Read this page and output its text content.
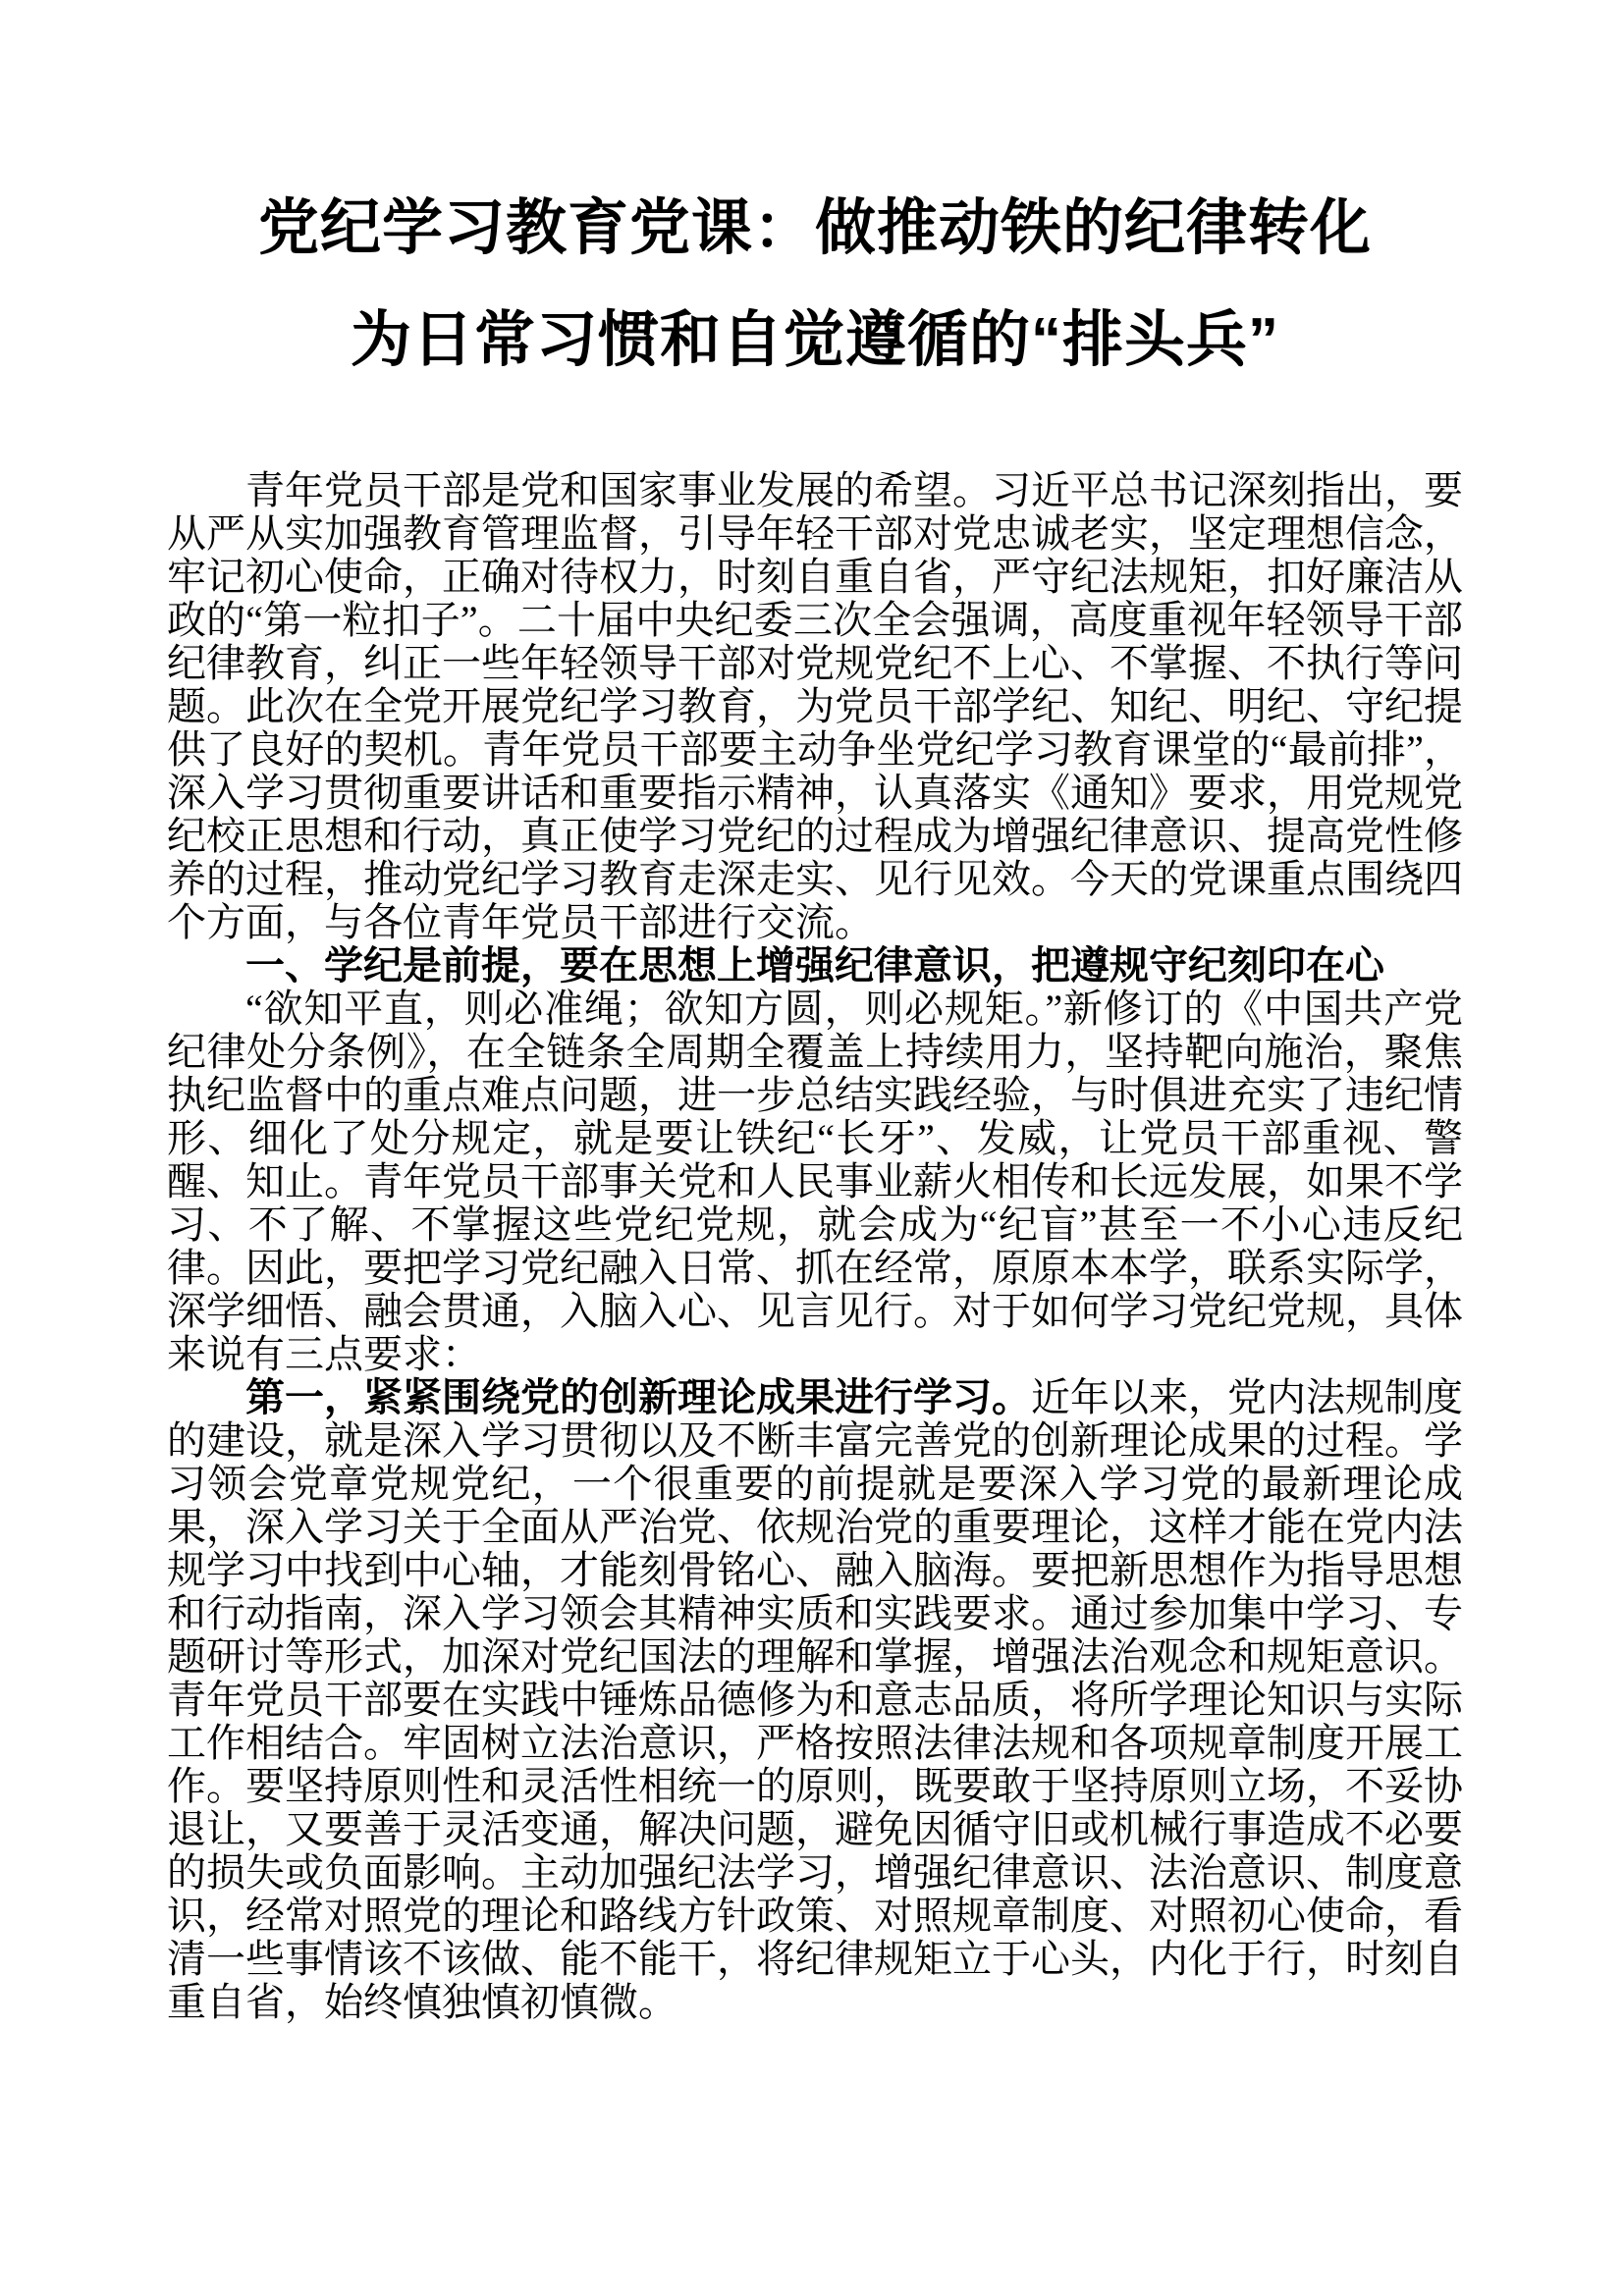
党纪学习教育党课：做推动铁的纪律转化
为日常习惯和自觉遵循的“排头兵”

青年党员干部是党和国家事业发展的希望。习近平总书记深刻指出，要从严从实加强教育管理监督，引导年轻干部对党忠诚老实，坚定理想信念，牢记初心使命，正确对待权力，时刻自重自省，严守纪法规矩，扣好廉洁从政的“第一粒扣子”。二十届中央纪委三次全会强调，高度重视年轻领导干部纪律教育，纠正一些年轻领导干部对党规党纪不上心、不掌握、不执行等问题。此次在全党开展党纪学习教育，为党员干部学纪、知纪、明纪、守纪提供了良好的契机。青年党员干部要主动争坐党纪学习教育课堂的“最前排”，深入学习贯彻重要讲话和重要指示精神，认真落实《通知》要求，用党规党纪校正思想和行动，真正使学习党纪的过程成为增强纪律意识、提高党性修养的过程，推动党纪学习教育走深走实、见行见效。今天的党课重点围绕四个方面，与各位青年党员干部进行交流。

一、学纪是前提，要在思想上增强纪律意识，把遵规守纪刻印在心

“欲知平直，则必准绳；欲知方圆，则必规矩。”新修订的《中国共产党纪律处分条例》，在全链条全周期全覆盖上持续用力，坚持靶向施治，聚焦执纪监督中的重点难点问题，进一步总结实践经验，与时俱进充实了违纪情形、细化了处分规定，就是要让铁纪“长牙”、发威，让党员干部重视、警醒、知止。青年党员干部事关党和人民事业薪火相传和长远发展，如果不学习、不了解、不掌握这些党纪党规，就会成为“纪盲”甚至一不小心违反纪律。因此，要把学习党纪融入日常、抓在经常，原原本本学，联系实际学，深学细悟、融会贯通，入脑入心、见言见行。对于如何学习党纪党规，具体来说有三点要求：

第一，紧紧围绕党的创新理论成果进行学习。近年以来，党内法规制度的建设，就是深入学习贯彻以及不断丰富完善党的创新理论成果的过程。学习领会党章党规党纪，一个很重要的前提就是要深入学习党的最新理论成果，深入学习关于全面从严治党、依规治党的重要理论，这样才能在党内法规学习中找到中心轴，才能刻骨铭心、融入脑海。要把新思想作为指导思想和行动指南，深入学习领会其精神实质和实践要求。通过参加集中学习、专题研讨等形式，加深对党纪国法的理解和掌握，增强法治观念和规矩意识。青年党员干部要在实践中锤炼品德修为和意志品质，将所学理论知识与实际工作相结合。牢固树立法治意识，严格按照法律法规和各项规章制度开展工作。要坚持原则性和灵活性相统一的原则，既要敢于坚持原则立场，不妥协退让，又要善于灵活变通，解决问题，避免因循守旧或机械行事造成不必要的损失或负面影响。主动加强纪法学习，增强纪律意识、法治意识、制度意识，经常对照党的理论和路线方针政策、对照规章制度、对照初心使命，看清一些事情该不该做、能不能干，将纪律规矩立于心头，内化于行，时刻自重自省，始终慎独慎初慎微。
